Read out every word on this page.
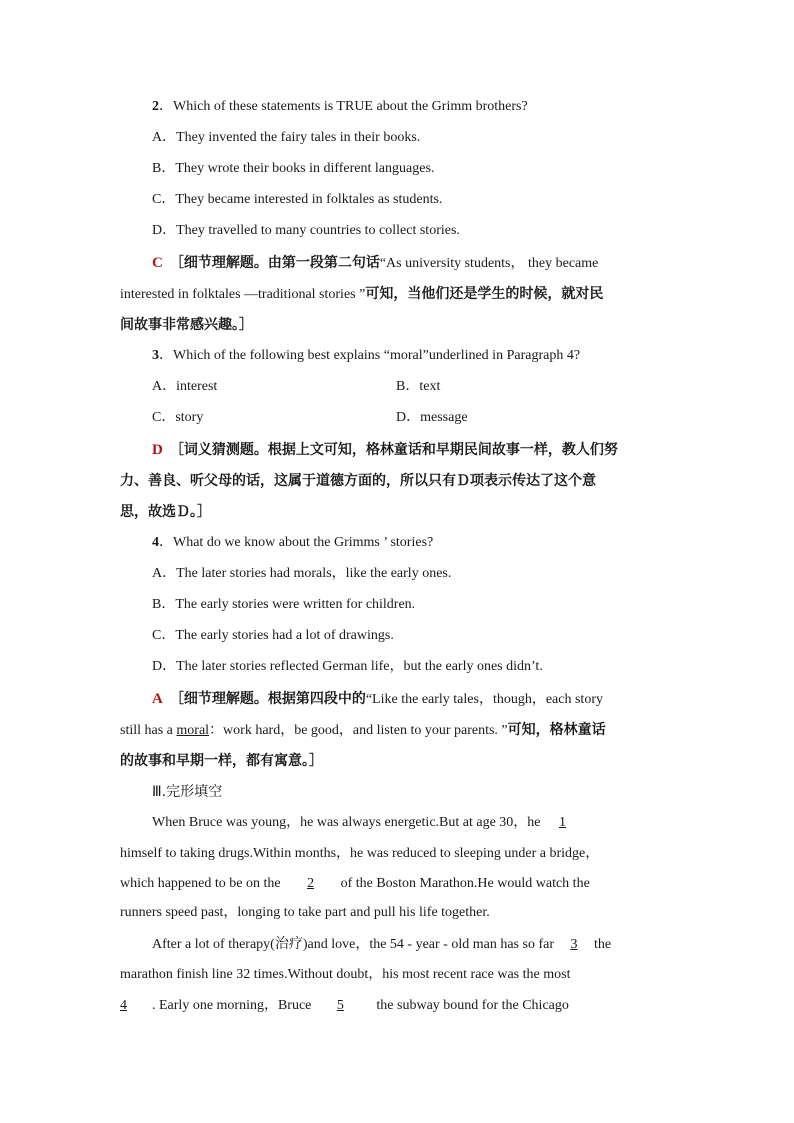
2．Which of these statements is TRUE about the Grimm brothers?
A．They invented the fairy tales in their books.
B．They wrote their books in different languages.
C．They became interested in folktales as students.
D．They travelled to many countries to collect stories.
C ［细节理解题。由第一段第二句话“As university students， they became
interested in folktales —traditional stories ”可知，当他们还是学生的时候，就对民
间故事非常感兴趣。］
3．Which of the following best explains “moral”underlined in Paragraph 4?
A．interest	B．text
C．story	D．message
D ［词义猜测题。根据上文可知，格林童话和早期民间故事一样，教人们努
力、善良、听父母的话，这属于道德方面的，所以只有Ｄ项表示传达了这个意
思，故选Ｄ。］
4．What do we know about the Grimms ’ stories?
A．The later stories had morals，like the early ones.
B．The early stories were written for children.
C．The early stories had a lot of drawings.
D．The later stories reflected German life，but the early ones didn’t.
A ［细节理解题。根据第四段中的“Like the early tales，though，each story
still has a moral：work hard，be good，and listen to your parents. ”可知，格林童话
的故事和早期一样，都有寓意。］
Ⅲ.完形填空
When Bruce was young，he was always energetic.But at age 30，he 1
himself to taking drugs.Within months，he was reduced to sleeping under a bridge，
which happened to be on the 2 of the Boston Marathon.He would watch the
runners speed past，longing to take part and pull his life together.
After a lot of therapy(治疗)and love，the 54 - year - old man has so far 3 the
marathon finish line 32 times.Without doubt，his most recent race was the most
4 . Early one morning，Bruce 5 the subway bound for the Chicago
